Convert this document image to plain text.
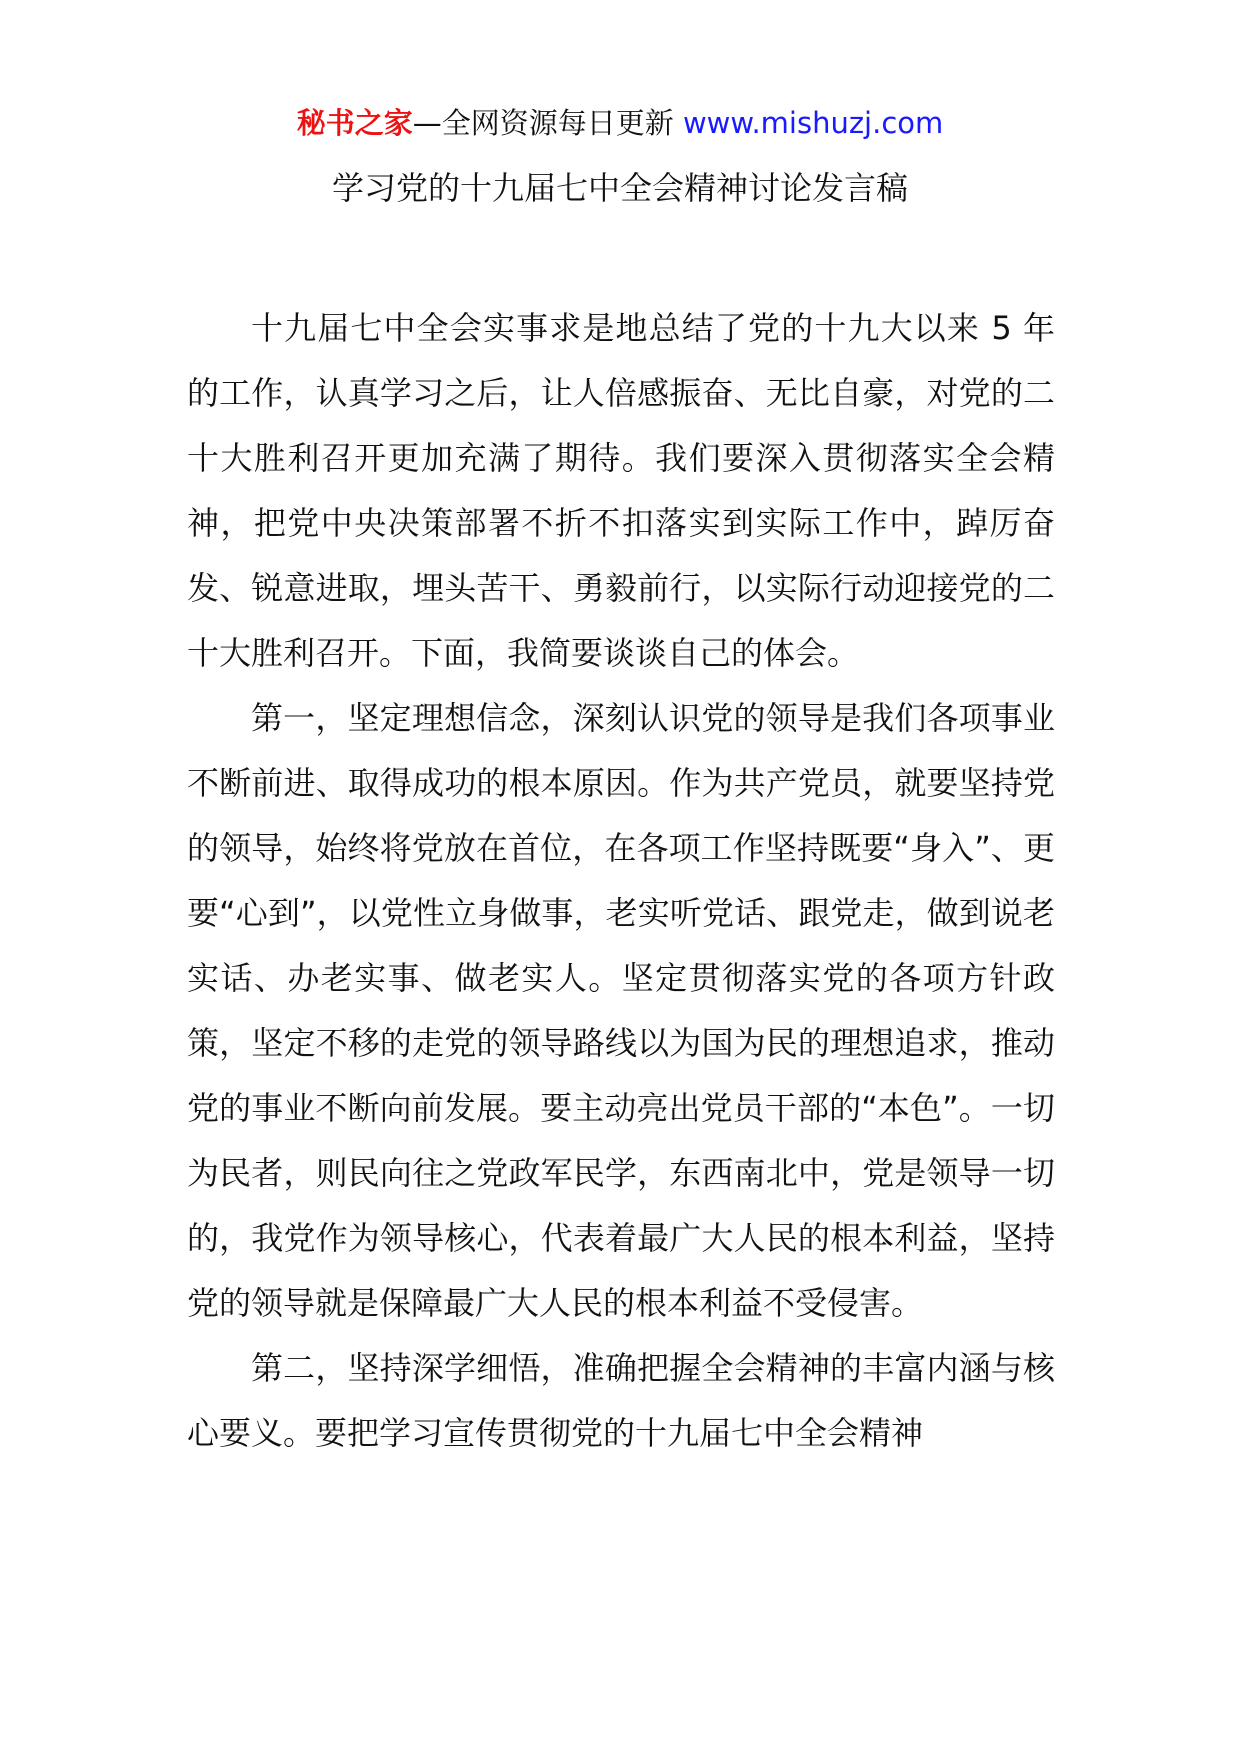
秘书之家—全网资源每日更新 www.mishuzj.com
学习党的十九届七中全会精神讨论发言稿

十九届七中全会实事求是地总结了党的十九大以来 5 年的工作，认真学习之后，让人倍感振奋、无比自豪，对党的二十大胜利召开更加充满了期待。我们要深入贯彻落实全会精神，把党中央决策部署不折不扣落实到实际工作中，踔厉奋发、锐意进取，埋头苦干、勇毅前行，以实际行动迎接党的二十大胜利召开。下面，我简要谈谈自己的体会。

第一，坚定理想信念，深刻认识党的领导是我们各项事业不断前进、取得成功的根本原因。作为共产党员，就要坚持党的领导，始终将党放在首位，在各项工作坚持既要“身入”、更要“心到”，以党性立身做事，老实听党话、跟党走，做到说老实话、办老实事、做老实人。坚定贯彻落实党的各项方针政策，坚定不移的走党的领导路线以为国为民的理想追求，推动党的事业不断向前发展。要主动亮出党员干部的“本色”。一切为民者，则民向往之党政军民学，东西南北中，党是领导一切的，我党作为领导核心，代表着最广大人民的根本利益，坚持党的领导就是保障最广大人民的根本利益不受侵害。

第二，坚持深学细悟，准确把握全会精神的丰富内涵与核心要义。要把学习宣传贯彻党的十九届七中全会精神
